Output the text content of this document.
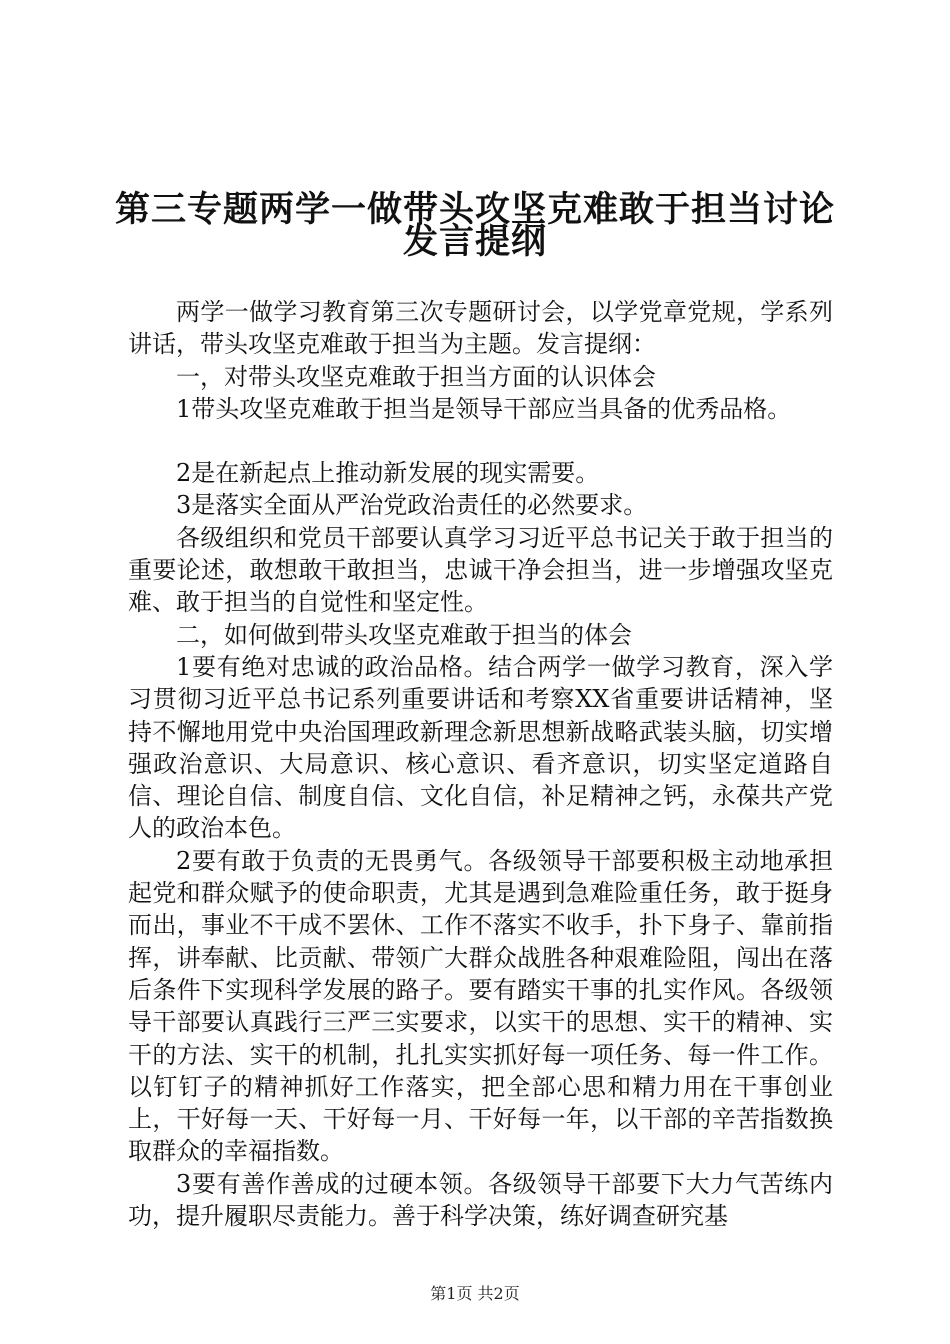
第三专题两学一做带头攻坚克难敢于担当讨论
发言提纲

两学一做学习教育第三次专题研讨会，以学党章党规，学系列讲话，带头攻坚克难敢于担当为主题。发言提纲：

一，对带头攻坚克难敢于担当方面的认识体会

1带头攻坚克难敢于担当是领导干部应当具备的优秀品格。

2是在新起点上推动新发展的现实需要。

3是落实全面从严治党政治责任的必然要求。

各级组织和党员干部要认真学习习近平总书记关于敢于担当的重要论述，敢想敢干敢担当，忠诚干净会担当，进一步增强攻坚克难、敢于担当的自觉性和坚定性。

二，如何做到带头攻坚克难敢于担当的体会

1要有绝对忠诚的政治品格。结合两学一做学习教育，深入学习贯彻习近平总书记系列重要讲话和考察XX省重要讲话精神，坚持不懈地用党中央治国理政新理念新思想新战略武装头脑，切实增强政治意识、大局意识、核心意识、看齐意识，切实坚定道路自信、理论自信、制度自信、文化自信，补足精神之钙，永葆共产党人的政治本色。

2要有敢于负责的无畏勇气。各级领导干部要积极主动地承担起党和群众赋予的使命职责，尤其是遇到急难险重任务，敢于挺身而出，事业不干成不罢休、工作不落实不收手，扑下身子、靠前指挥，讲奉献、比贡献、带领广大群众战胜各种艰难险阻，闯出在落后条件下实现科学发展的路子。要有踏实干事的扎实作风。各级领导干部要认真践行三严三实要求，以实干的思想、实干的精神、实干的方法、实干的机制，扎扎实实抓好每一项任务、每一件工作。以钉钉子的精神抓好工作落实，把全部心思和精力用在干事创业上，干好每一天、干好每一月、干好每一年，以干部的辛苦指数换取群众的幸福指数。

3要有善作善成的过硬本领。各级领导干部要下大力气苦练内功，提升履职尽责能力。善于科学决策，练好调查研究基

第1页 共2页
